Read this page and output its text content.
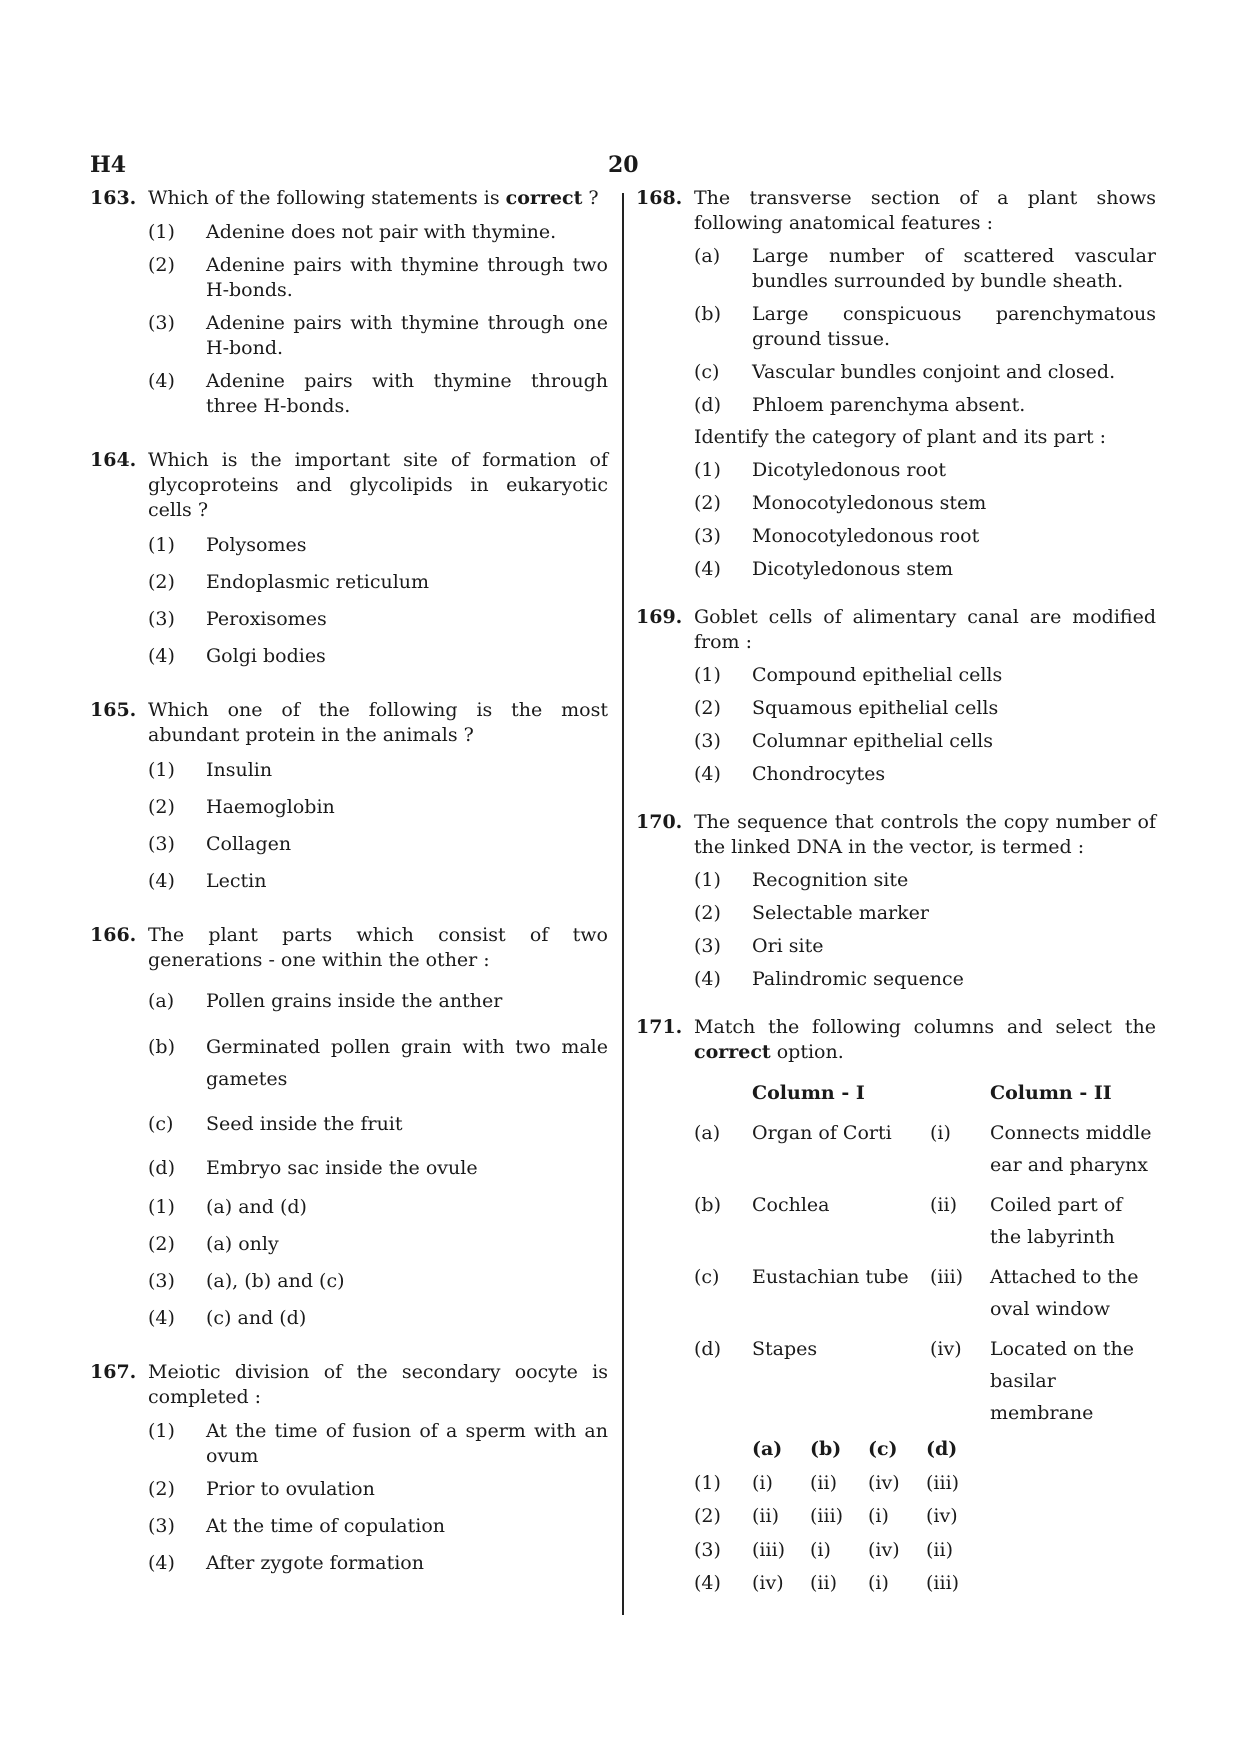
H4	20
163. Which of the following statements is correct ?
(1)	Adenine does not pair with thymine.
(2)	Adenine pairs with thymine through two H-bonds.
(3)	Adenine pairs with thymine through one H-bond.
(4)	Adenine pairs with thymine through three H-bonds.
164. Which is the important site of formation of glycoproteins and glycolipids in eukaryotic cells ?
(1)	Polysomes
(2)	Endoplasmic reticulum
(3)	Peroxisomes
(4)	Golgi bodies
165. Which one of the following is the most abundant protein in the animals ?
(1)	Insulin
(2)	Haemoglobin
(3)	Collagen
(4)	Lectin
166. The plant parts which consist of two generations - one within the other :
(a)	Pollen grains inside the anther
(b)	Germinated pollen grain with two male gametes
(c)	Seed inside the fruit
(d)	Embryo sac inside the ovule
(1)	(a) and (d)
(2)	(a) only
(3)	(a), (b) and (c)
(4)	(c) and (d)
167. Meiotic division of the secondary oocyte is completed :
(1)	At the time of fusion of a sperm with an ovum
(2)	Prior to ovulation
(3)	At the time of copulation
(4)	After zygote formation
168. The transverse section of a plant shows following anatomical features :
(a)	Large number of scattered vascular bundles surrounded by bundle sheath.
(b)	Large conspicuous parenchymatous ground tissue.
(c)	Vascular bundles conjoint and closed.
(d)	Phloem parenchyma absent.
Identify the category of plant and its part :
(1)	Dicotyledonous root
(2)	Monocotyledonous stem
(3)	Monocotyledonous root
(4)	Dicotyledonous stem
169. Goblet cells of alimentary canal are modified from :
(1)	Compound epithelial cells
(2)	Squamous epithelial cells
(3)	Columnar epithelial cells
(4)	Chondrocytes
170. The sequence that controls the copy number of the linked DNA in the vector, is termed :
(1)	Recognition site
(2)	Selectable marker
(3)	Ori site
(4)	Palindromic sequence
171. Match the following columns and select the correct option.
Column - I	Column - II
(a)	Organ of Corti	(i)	Connects middle ear and pharynx
(b)	Cochlea	(ii)	Coiled part of the labyrinth
(c)	Eustachian tube	(iii)	Attached to the oval window
(d)	Stapes	(iv)	Located on the basilar membrane
(a)	(b)	(c)	(d)
(1)	(i)	(ii)	(iv)	(iii)
(2)	(ii)	(iii)	(i)	(iv)
(3)	(iii)	(i)	(iv)	(ii)
(4)	(iv)	(ii)	(i)	(iii)
